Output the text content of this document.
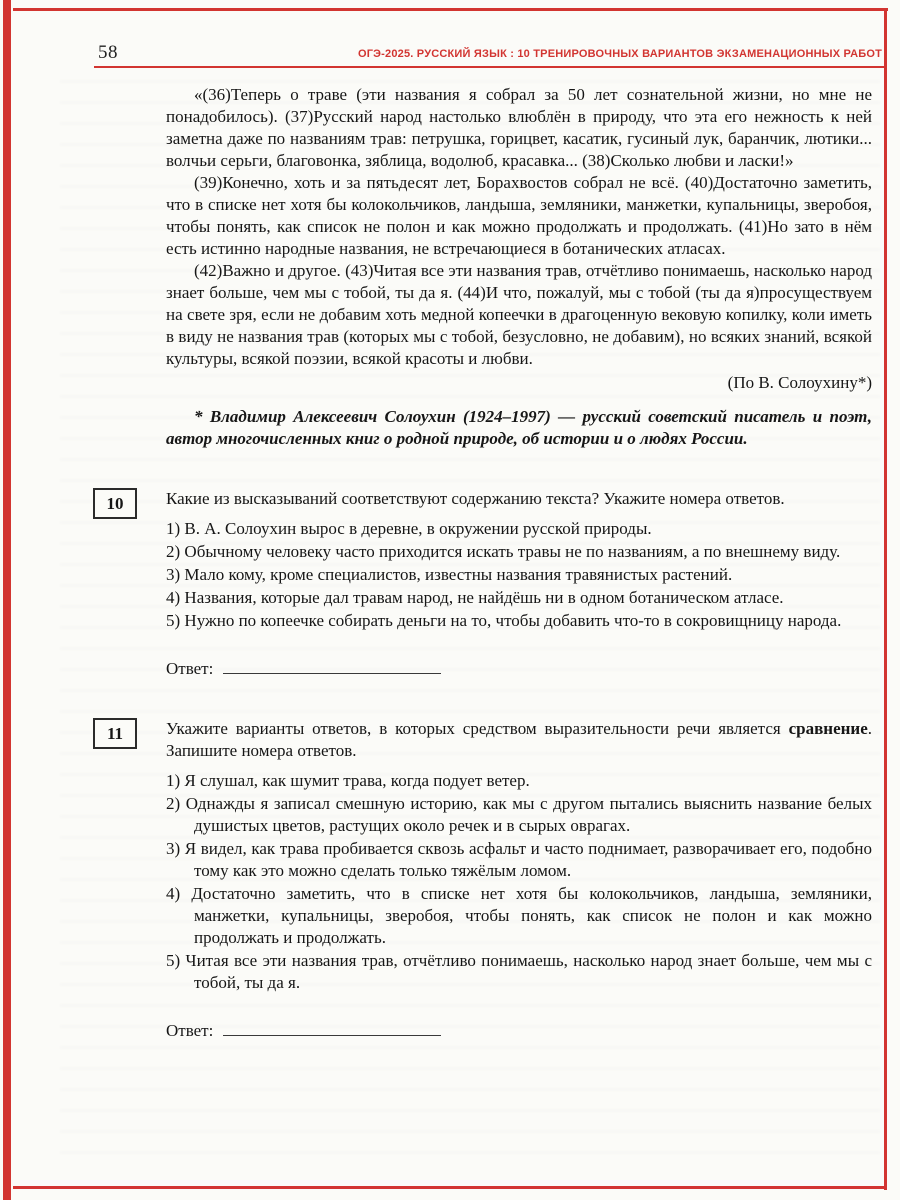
58	ОГЭ-2025. РУССКИЙ ЯЗЫК : 10 ТРЕНИРОВОЧНЫХ ВАРИАНТОВ ЭКЗАМЕНАЦИОННЫХ РАБОТ

«(36)Теперь о траве (эти названия я собрал за 50 лет сознательной жизни, но мне не понадобилось). (37)Русский народ настолько влюблён в природу, что эта его нежность к ней заметна даже по названиям трав: петрушка, горицвет, касатик, гусиный лук, баранчик, лютики... волчьи серьги, благовонка, зяблица, водолюб, красавка... (38)Сколько любви и ласки!»

(39)Конечно, хоть и за пятьдесят лет, Борахвостов собрал не всё. (40)Достаточно заметить, что в списке нет хотя бы колокольчиков, ландыша, земляники, манжетки, купальницы, зверобоя, чтобы понять, как список не полон и как можно продолжать и продолжать. (41)Но зато в нём есть истинно народные названия, не встречающиеся в ботанических атласах.

(42)Важно и другое. (43)Читая все эти названия трав, отчётливо понимаешь, насколько народ знает больше, чем мы с тобой, ты да я. (44)И что, пожалуй, мы с тобой (ты да я)просуществуем на свете зря, если не добавим хоть медной копеечки в драгоценную вековую копилку, коли иметь в виду не названия трав (которых мы с тобой, безусловно, не добавим), но всяких знаний, всякой культуры, всякой поэзии, всякой красоты и любви.

(По В. Солоухину*)

* Владимир Алексеевич Солоухин (1924–1997) — русский советский писатель и поэт, автор многочисленных книг о родной природе, об истории и о людях России.

10	Какие из высказываний соответствуют содержанию текста? Укажите номера ответов.

1) В. А. Солоухин вырос в деревне, в окружении русской природы.
2) Обычному человеку часто приходится искать травы не по названиям, а по внешнему виду.
3) Мало кому, кроме специалистов, известны названия травянистых растений.
4) Названия, которые дал травам народ, не найдёшь ни в одном ботаническом атласе.
5) Нужно по копеечке собирать деньги на то, чтобы добавить что-то в сокровищницу народа.
Ответ:
11	Укажите варианты ответов, в которых средством выразительности речи является сравнение. Запишите номера ответов.

1) Я слушал, как шумит трава, когда подует ветер.
2) Однажды я записал смешную историю, как мы с другом пытались выяснить название белых душистых цветов, растущих около речек и в сырых оврагах.
3) Я видел, как трава пробивается сквозь асфальт и часто поднимает, разворачивает его, подобно тому как это можно сделать только тяжёлым ломом.
4) Достаточно заметить, что в списке нет хотя бы колокольчиков, ландыша, земляники, манжетки, купальницы, зверобоя, чтобы понять, как список не полон и как можно продолжать и продолжать.
5) Читая все эти названия трав, отчётливо понимаешь, насколько народ знает больше, чем мы с тобой, ты да я.
Ответ:
